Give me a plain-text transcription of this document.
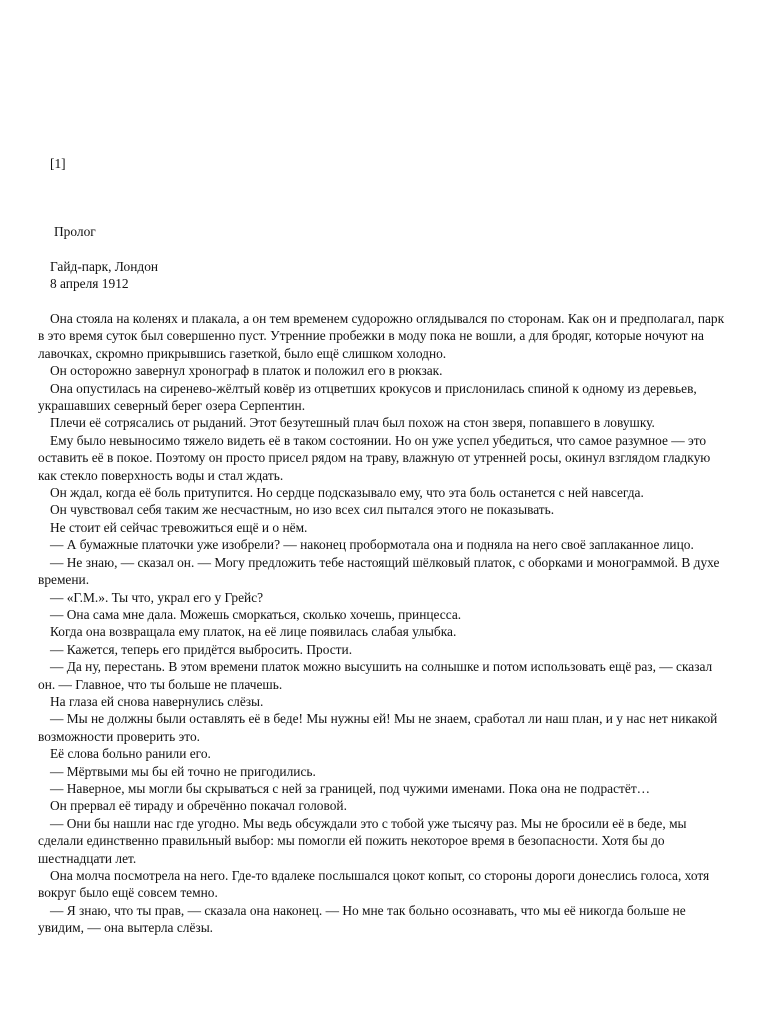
[1]
Пролог
Гайд-парк, Лондон
8 апреля 1912

Она стояла на коленях и плакала, а он тем временем судорожно оглядывался по сторонам. Как он и предполагал, парк в это время суток был совершенно пуст. Утренние пробежки в моду пока не вошли, а для бродяг, которые ночуют на лавочках, скромно прикрывшись газеткой, было ещё слишком холодно.

Он осторожно завернул хронограф в платок и положил его в рюкзак.

Она опустилась на сиренево-жёлтый ковёр из отцветших крокусов и прислонилась спиной к одному из деревьев, украшавших северный берег озера Серпентин.

Плечи её сотрясались от рыданий. Этот безутешный плач был похож на стон зверя, попавшего в ловушку.

Ему было невыносимо тяжело видеть её в таком состоянии. Но он уже успел убедиться, что самое разумное — это оставить её в покое. Поэтому он просто присел рядом на траву, влажную от утренней росы, окинул взглядом гладкую как стекло поверхность воды и стал ждать.

Он ждал, когда её боль притупится. Но сердце подсказывало ему, что эта боль останется с ней навсегда.

Он чувствовал себя таким же несчастным, но изо всех сил пытался этого не показывать.

Не стоит ей сейчас тревожиться ещё и о нём.

— А бумажные платочки уже изобрели? — наконец пробормотала она и подняла на него своё заплаканное лицо.

— Не знаю, — сказал он. — Могу предложить тебе настоящий шёлковый платок, с оборками и монограммой. В духе времени.

— «Г.М.». Ты что, украл его у Грейс?

— Она сама мне дала. Можешь сморкаться, сколько хочешь, принцесса.

Когда она возвращала ему платок, на её лице появилась слабая улыбка.

— Кажется, теперь его придётся выбросить. Прости.

— Да ну, перестань. В этом времени платок можно высушить на солнышке и потом использовать ещё раз, — сказал он. — Главное, что ты больше не плачешь.

На глаза ей снова навернулись слёзы.

— Мы не должны были оставлять её в беде! Мы нужны ей! Мы не знаем, сработал ли наш план, и у нас нет никакой возможности проверить это.

Её слова больно ранили его.

— Мёртвыми мы бы ей точно не пригодились.

— Наверное, мы могли бы скрываться с ней за границей, под чужими именами. Пока она не подрастёт…

Он прервал её тираду и обречённо покачал головой.

— Они бы нашли нас где угодно. Мы ведь обсуждали это с тобой уже тысячу раз. Мы не бросили её в беде, мы сделали единственно правильный выбор: мы помогли ей пожить некоторое время в безопасности. Хотя бы до шестнадцати лет.

Она молча посмотрела на него. Где-то вдалеке послышался цокот копыт, со стороны дороги донеслись голоса, хотя вокруг было ещё совсем темно.

— Я знаю, что ты прав, — сказала она наконец. — Но мне так больно осознавать, что мы её никогда больше не увидим, — она вытерла слёзы.
